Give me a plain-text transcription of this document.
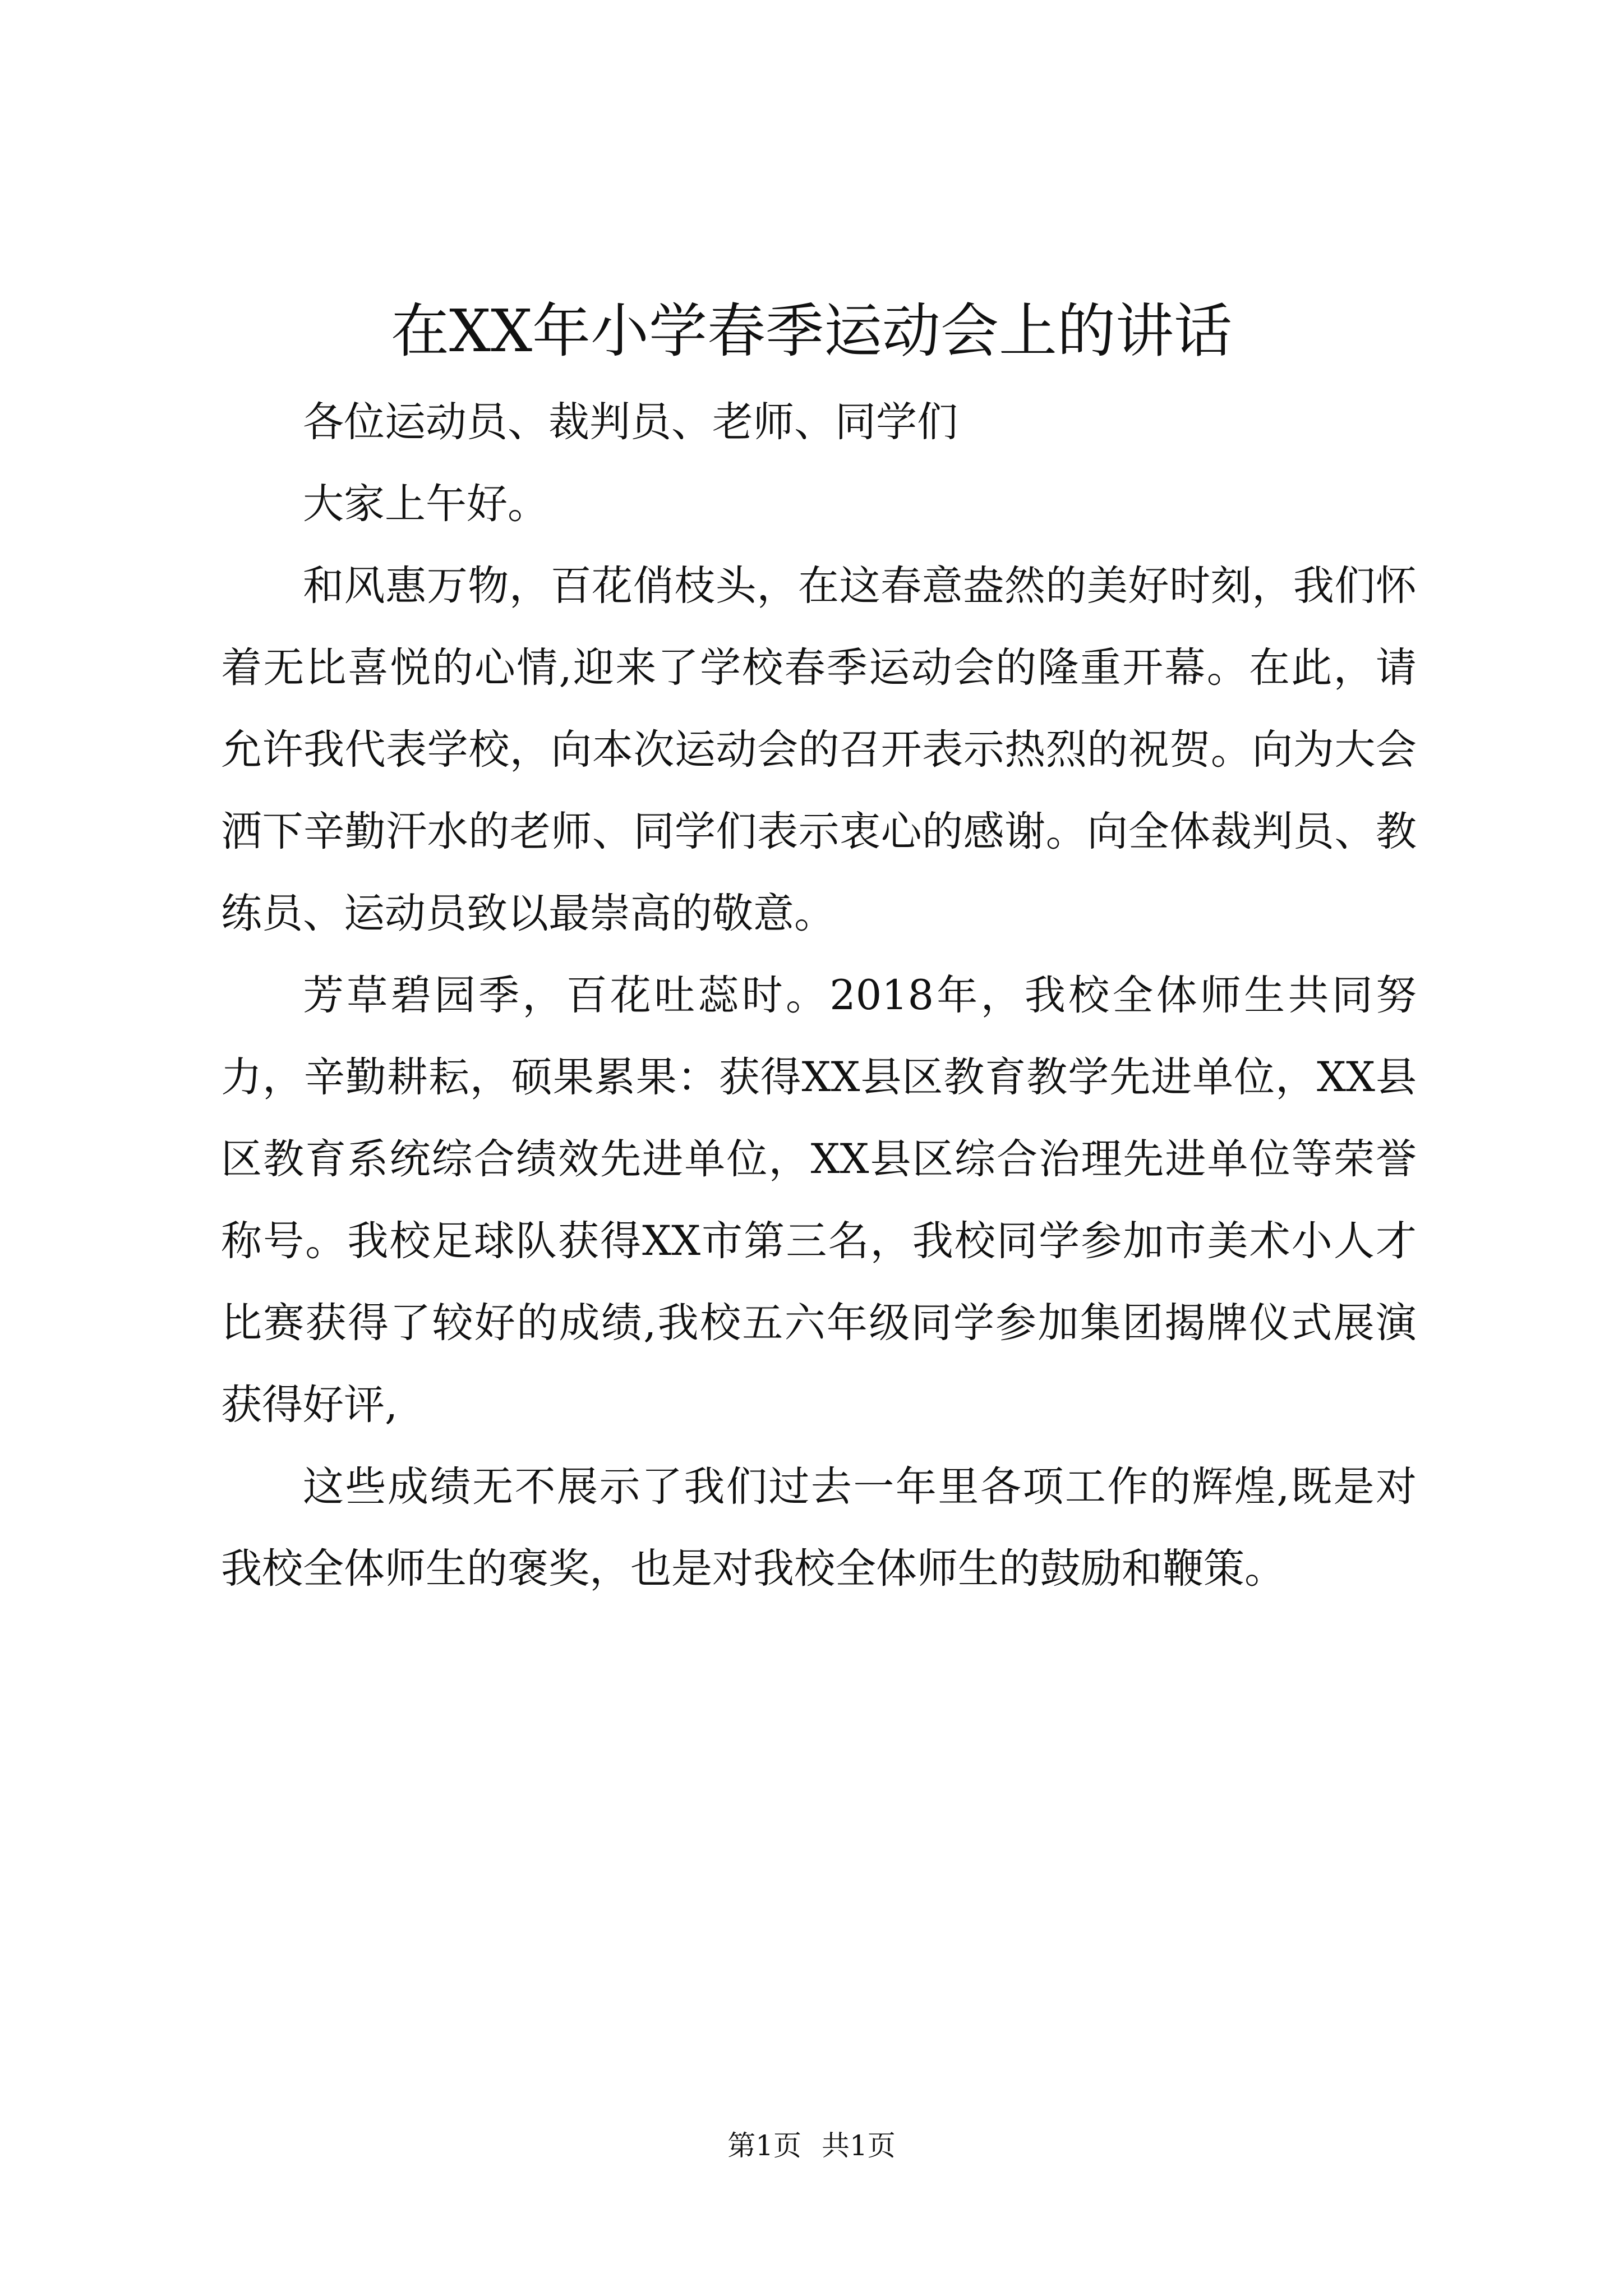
在XX年小学春季运动会上的讲话

各位运动员、裁判员、老师、同学们

大家上午好。

和风惠万物，百花俏枝头，在这春意盎然的美好时刻，我们怀着无比喜悦的心情,迎来了学校春季运动会的隆重开幕。在此，请允许我代表学校，向本次运动会的召开表示热烈的祝贺。向为大会洒下辛勤汗水的老师、同学们表示衷心的感谢。向全体裁判员、教练员、运动员致以最崇高的敬意。

芳草碧园季，百花吐蕊时。2018年，我校全体师生共同努力，辛勤耕耘，硕果累果：获得XX县区教育教学先进单位，XX县区教育系统综合绩效先进单位，XX县区综合治理先进单位等荣誉称号。我校足球队获得XX市第三名，我校同学参加市美术小人才比赛获得了较好的成绩,我校五六年级同学参加集团揭牌仪式展演获得好评,

这些成绩无不展示了我们过去一年里各项工作的辉煌,既是对我校全体师生的褒奖，也是对我校全体师生的鼓励和鞭策。

第1页 共1页
